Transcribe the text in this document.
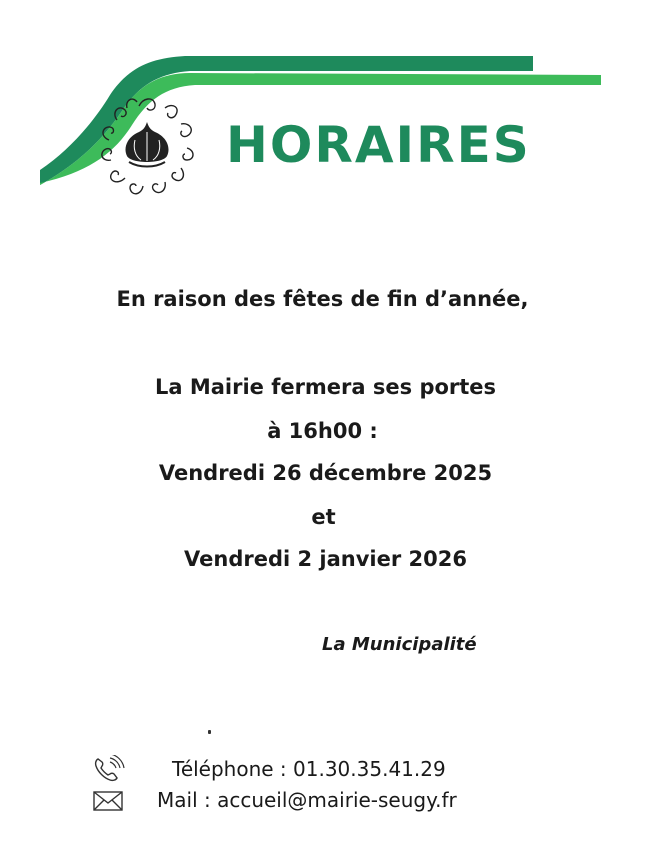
HORAIRES
En raison des fêtes de fin d’année,
La Mairie fermera ses portes
à 16h00 :
Vendredi 26 décembre 2025
et
Vendredi 2 janvier 2026
La Municipalité
Téléphone : 01.30.35.41.29
Mail : accueil@mairie-seugy.fr
